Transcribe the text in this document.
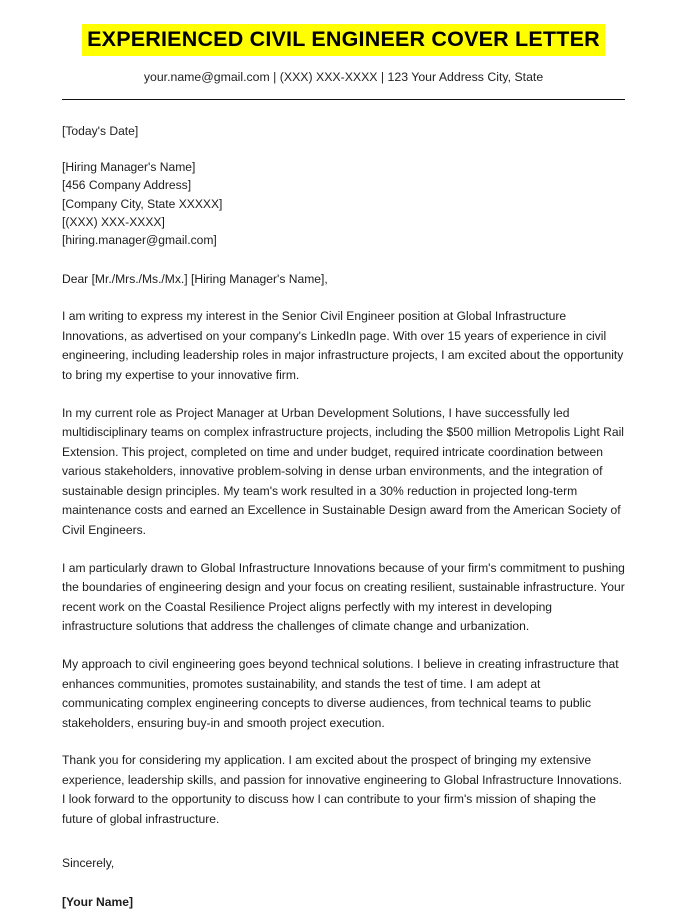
EXPERIENCED CIVIL ENGINEER COVER LETTER
your.name@gmail.com | (XXX) XXX-XXXX | 123 Your Address City, State
[Today's Date]
[Hiring Manager's Name]
[456 Company Address]
[Company City, State XXXXX]
[(XXX) XXX-XXXX]
[hiring.manager@gmail.com]
Dear [Mr./Mrs./Ms./Mx.] [Hiring Manager's Name],

I am writing to express my interest in the Senior Civil Engineer position at Global Infrastructure Innovations, as advertised on your company's LinkedIn page. With over 15 years of experience in civil engineering, including leadership roles in major infrastructure projects, I am excited about the opportunity to bring my expertise to your innovative firm.

In my current role as Project Manager at Urban Development Solutions, I have successfully led multidisciplinary teams on complex infrastructure projects, including the $500 million Metropolis Light Rail Extension. This project, completed on time and under budget, required intricate coordination between various stakeholders, innovative problem-solving in dense urban environments, and the integration of sustainable design principles. My team's work resulted in a 30% reduction in projected long-term maintenance costs and earned an Excellence in Sustainable Design award from the American Society of Civil Engineers.

I am particularly drawn to Global Infrastructure Innovations because of your firm's commitment to pushing the boundaries of engineering design and your focus on creating resilient, sustainable infrastructure. Your recent work on the Coastal Resilience Project aligns perfectly with my interest in developing infrastructure solutions that address the challenges of climate change and urbanization.

My approach to civil engineering goes beyond technical solutions. I believe in creating infrastructure that enhances communities, promotes sustainability, and stands the test of time. I am adept at communicating complex engineering concepts to diverse audiences, from technical teams to public stakeholders, ensuring buy-in and smooth project execution.

Thank you for considering my application. I am excited about the prospect of bringing my extensive experience, leadership skills, and passion for innovative engineering to Global Infrastructure Innovations. I look forward to the opportunity to discuss how I can contribute to your firm's mission of shaping the future of global infrastructure.

Sincerely,
[Your Name]
